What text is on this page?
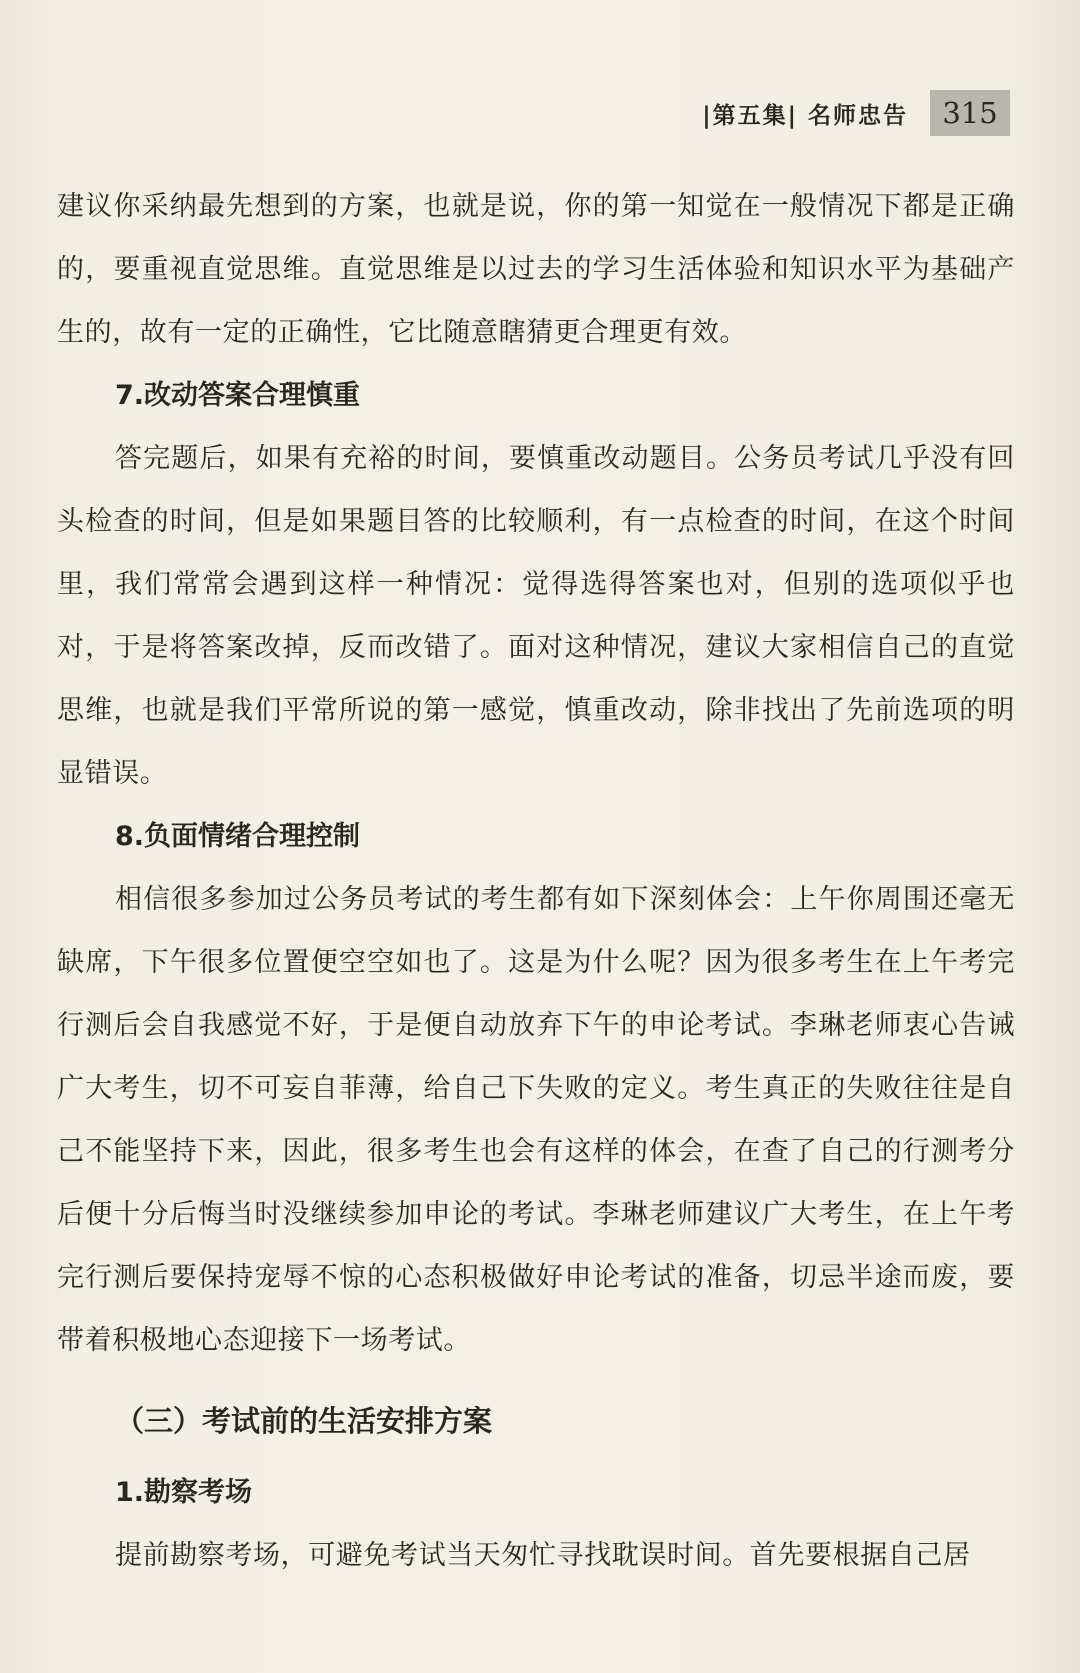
|第五集| 名师忠告	315

建议你采纳最先想到的方案，也就是说，你的第一知觉在一般情况下都是正确的，要重视直觉思维。直觉思维是以过去的学习生活体验和知识水平为基础产生的，故有一定的正确性，它比随意瞎猜更合理更有效。

7.改动答案合理慎重

答完题后，如果有充裕的时间，要慎重改动题目。公务员考试几乎没有回头检查的时间，但是如果题目答的比较顺利，有一点检查的时间，在这个时间里，我们常常会遇到这样一种情况：觉得选得答案也对，但别的选项似乎也对，于是将答案改掉，反而改错了。面对这种情况，建议大家相信自己的直觉思维，也就是我们平常所说的第一感觉，慎重改动，除非找出了先前选项的明显错误。

8.负面情绪合理控制

相信很多参加过公务员考试的考生都有如下深刻体会：上午你周围还毫无缺席，下午很多位置便空空如也了。这是为什么呢？因为很多考生在上午考完行测后会自我感觉不好，于是便自动放弃下午的申论考试。李琳老师衷心告诫广大考生，切不可妄自菲薄，给自己下失败的定义。考生真正的失败往往是自己不能坚持下来，因此，很多考生也会有这样的体会，在查了自己的行测考分后便十分后悔当时没继续参加申论的考试。李琳老师建议广大考生，在上午考完行测后要保持宠辱不惊的心态积极做好申论考试的准备，切忌半途而废，要带着积极地心态迎接下一场考试。

（三）考试前的生活安排方案
1.勘察考场

提前勘察考场，可避免考试当天匆忙寻找耽误时间。首先要根据自己居
